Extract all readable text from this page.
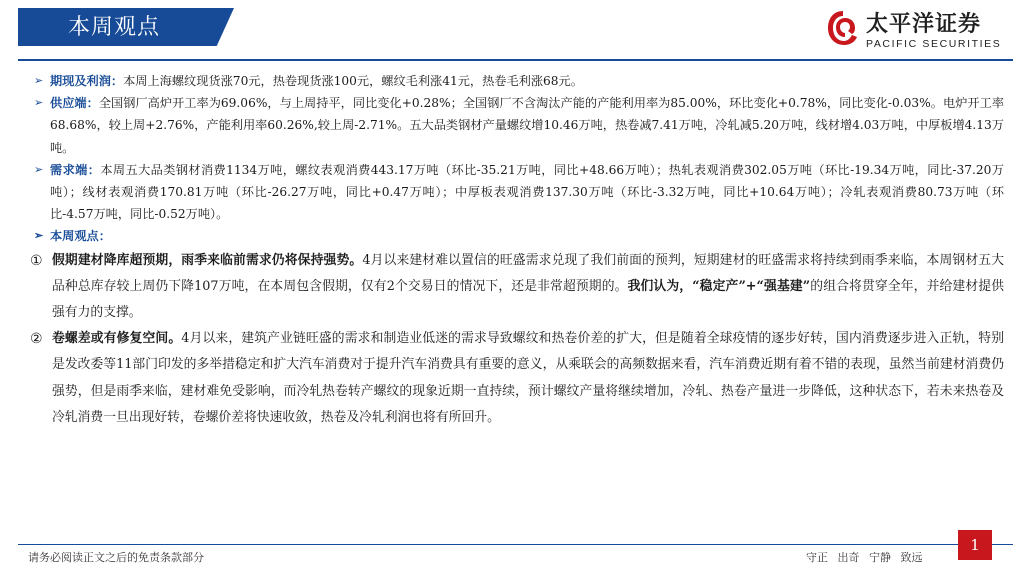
本周观点	太平洋证券
PACIFIC SECURITIES

➢ 期现及利润：本周上海螺纹现货涨70元，热卷现货涨100元，螺纹毛利涨41元，热卷毛利涨68元。

➢ 供应端：全国钢厂高炉开工率为69.06%，与上周持平，同比变化+0.28%；全国钢厂不含淘汰产能的产能利用率为85.00%，环比变化+0.78%，同比变化-0.03%。电炉开工率68.68%，较上周+2.76%，产能利用率60.26%,较上周-2.71%。五大品类钢材产量螺纹增10.46万吨，热卷减7.41万吨，冷轧减5.20万吨，线材增4.03万吨，中厚板增4.13万吨。

➢ 需求端：本周五大品类钢材消费1134万吨，螺纹表观消费443.17万吨（环比-35.21万吨，同比+48.66万吨）；热轧表观消费302.05万吨（环比-19.34万吨，同比-37.20万吨）；线材表观消费170.81万吨（环比-26.27万吨，同比+0.47万吨）；中厚板表观消费137.30万吨（环比-3.32万吨，同比+10.64万吨）；冷轧表观消费80.73万吨（环比-4.57万吨，同比-0.52万吨）。

➢ 本周观点：

① 假期建材降库超预期，雨季来临前需求仍将保持强势。4月以来建材难以置信的旺盛需求兑现了我们前面的预判，短期建材的旺盛需求将持续到雨季来临，本周钢材五大品种总库存较上周仍下降107万吨，在本周包含假期，仅有2个交易日的情况下，还是非常超预期的。我们认为，“稳定产”+“强基建”的组合将贯穿全年，并给建材提供强有力的支撑。

② 卷螺差或有修复空间。4月以来，建筑产业链旺盛的需求和制造业低迷的需求导致螺纹和热卷价差的扩大，但是随着全球疫情的逐步好转，国内消费逐步进入正轨，特别是发改委等11部门印发的多举措稳定和扩大汽车消费对于提升汽车消费具有重要的意义，从乘联会的高频数据来看，汽车消费近期有着不错的表现，虽然当前建材消费仍强势，但是雨季来临，建材难免受影响，而冷轧热卷转产螺纹的现象近期一直持续，预计螺纹产量将继续增加，冷轧、热卷产量进一步降低，这种状态下，若未来热卷及冷轧消费一旦出现好转，卷螺价差将快速收敛，热卷及冷轧利润也将有所回升。

请务必阅读正文之后的免责条款部分	守正 出奇 宁静 致远
1
